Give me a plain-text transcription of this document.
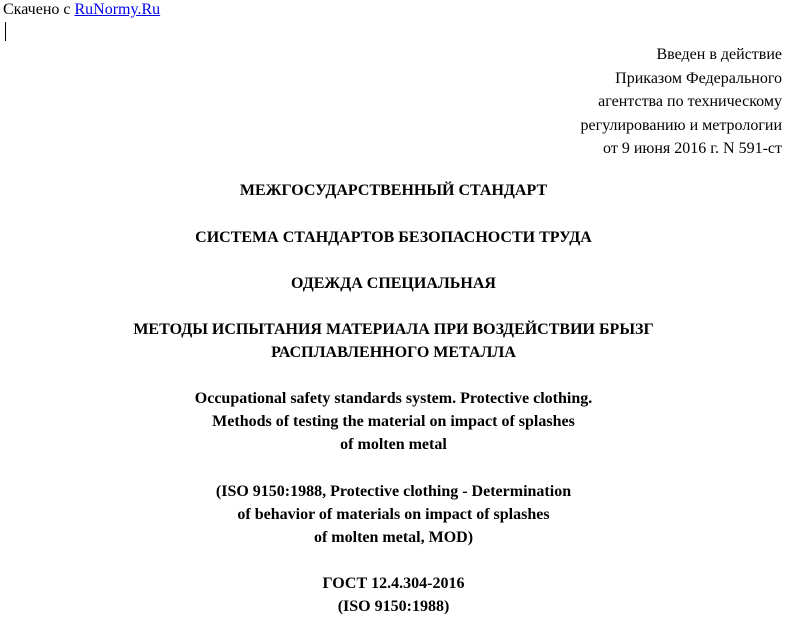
Скачено с RuNormy.Ru
Введен в действие
Приказом Федерального
агентства по техническому
регулированию и метрологии
от 9 июня 2016 г. N 591-ст
МЕЖГОСУДАРСТВЕННЫЙ СТАНДАРТ
СИСТЕМА СТАНДАРТОВ БЕЗОПАСНОСТИ ТРУДА
ОДЕЖДА СПЕЦИАЛЬНАЯ
МЕТОДЫ ИСПЫТАНИЯ МАТЕРИАЛА ПРИ ВОЗДЕЙСТВИИ БРЫЗГ
РАСПЛАВЛЕННОГО МЕТАЛЛА
Occupational safety standards system. Protective clothing.
Methods of testing the material on impact of splashes
of molten metal
(ISO 9150:1988, Protective clothing - Determination
of behavior of materials on impact of splashes
of molten metal, MOD)
ГОСТ 12.4.304-2016
(ISO 9150:1988)
